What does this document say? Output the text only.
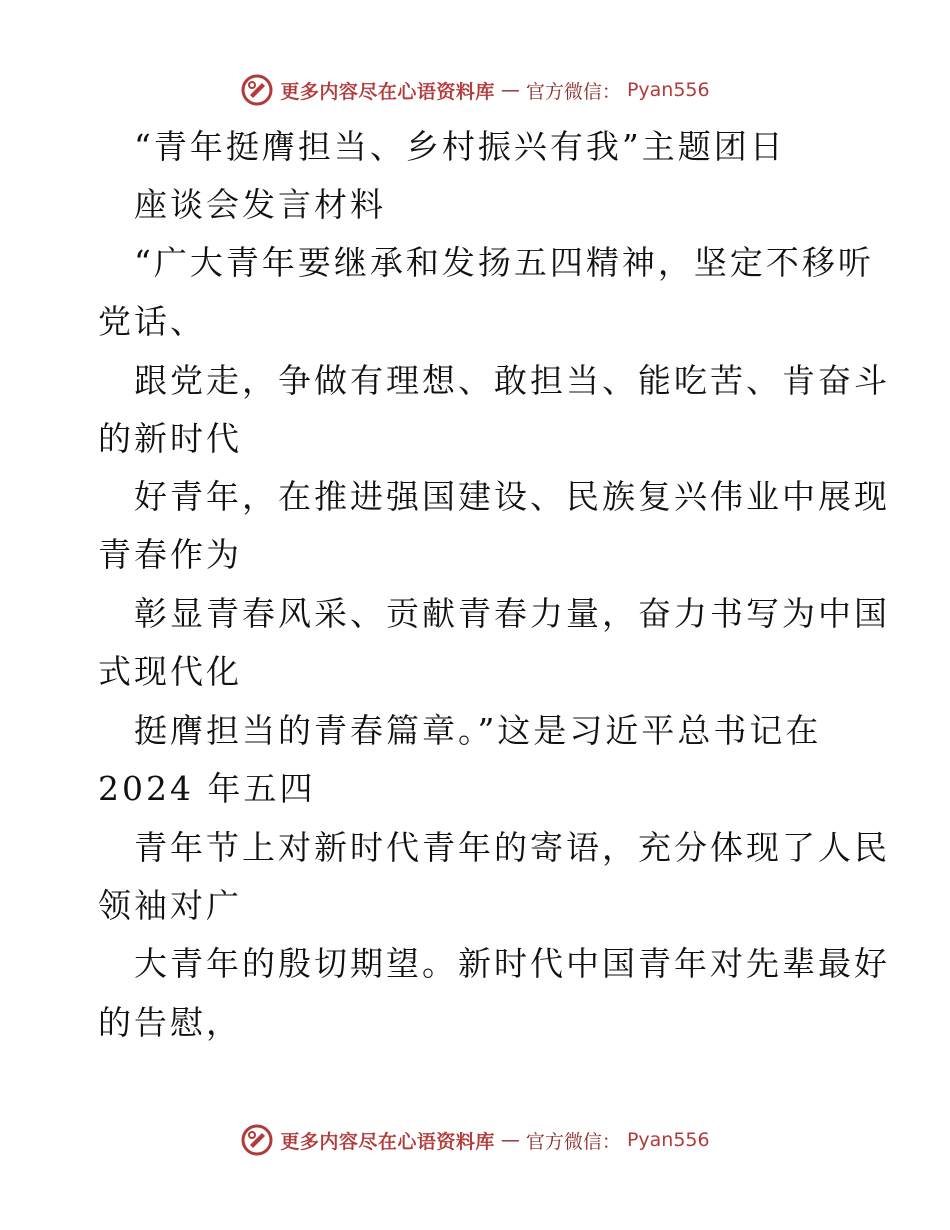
更多内容尽在心语资料库 — 官方微信： Pyan556
“青年挺膺担当、乡村振兴有我”主题团日
座谈会发言材料
“广大青年要继承和发扬五四精神，坚定不移听
党话、
跟党走，争做有理想、敢担当、能吃苦、肯奋斗
的新时代
好青年，在推进强国建设、民族复兴伟业中展现
青春作为
彰显青春风采、贡献青春力量，奋力书写为中国
式现代化
挺膺担当的青春篇章。”这是习近平总书记在
2024 年五四
青年节上对新时代青年的寄语，充分体现了人民
领袖对广
大青年的殷切期望。新时代中国青年对先辈最好
的告慰，
更多内容尽在心语资料库 — 官方微信： Pyan556
